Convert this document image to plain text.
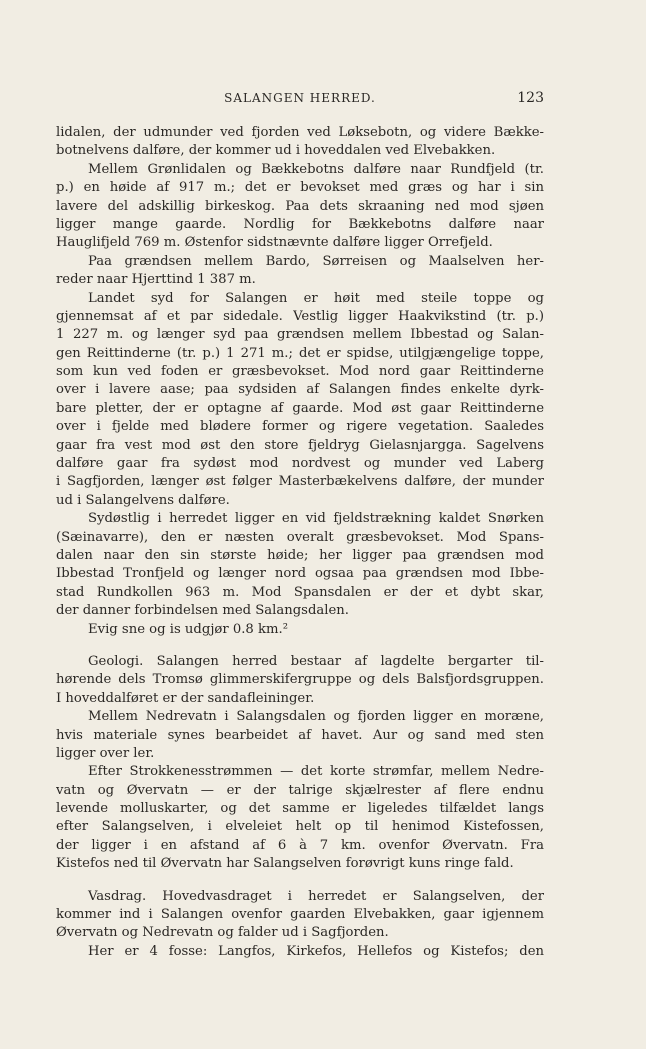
SALANGEN HERRED.	123
lidalen, der udmunder ved fjorden ved Løksebotn, og videre Bække-
botnelvens dalføre, der kommer ud i hoveddalen ved Elvebakken.
Mellem Grønlidalen og Bækkebotns dalføre naar Rundfjeld (tr.
p.) en høide af 917 m.; det er bevokset med græs og har i sin
lavere del adskillig birkeskog. Paa dets skraaning ned mod sjøen
ligger mange gaarde. Nordlig for Bækkebotns dalføre naar
Hauglifjeld 769 m. Østenfor sidstnævnte dalføre ligger Orrefjeld.
Paa grændsen mellem Bardo, Sørreisen og Maalselven her-
reder naar Hjerttind 1 387 m.
Landet syd for Salangen er høit med steile toppe og
gjennemsat af et par sidedale. Vestlig ligger Haakvikstind (tr. p.)
1 227 m. og længer syd paa grændsen mellem Ibbestad og Salan-
gen Reittinderne (tr. p.) 1 271 m.; det er spidse, utilgjængelige toppe,
som kun ved foden er græsbevokset. Mod nord gaar Reittinderne
over i lavere aase; paa sydsiden af Salangen findes enkelte dyrk-
bare pletter, der er optagne af gaarde. Mod øst gaar Reittinderne
over i fjelde med blødere former og rigere vegetation. Saaledes
gaar fra vest mod øst den store fjeldryg Gielasnjargga. Sagelvens
dalføre gaar fra sydøst mod nordvest og munder ved Laberg
i Sagfjorden, længer øst følger Masterbækelvens dalføre, der munder
ud i Salangelvens dalføre.
Sydøstlig i herredet ligger en vid fjeldstrækning kaldet Snørken
(Sæinavarre), den er næsten overalt græsbevokset. Mod Spans-
dalen naar den sin største høide; her ligger paa grændsen mod
Ibbestad Tronfjeld og længer nord ogsaa paa grændsen mod Ibbe-
stad Rundkollen 963 m. Mod Spansdalen er der et dybt skar,
der danner forbindelsen med Salangsdalen.
Evig sne og is udgjør 0.8 km.²
Geologi. Salangen herred bestaar af lagdelte bergarter til-
hørende dels Tromsø glimmerskifergruppe og dels Balsfjordsgruppen.
I hoveddalføret er der sandafleininger.
Mellem Nedrevatn i Salangsdalen og fjorden ligger en moræne,
hvis materiale synes bearbeidet af havet. Aur og sand med sten
ligger over ler.
Efter Strokkenesstrømmen — det korte strømfar, mellem Nedre-
vatn og Øvervatn — er der talrige skjælrester af flere endnu
levende molluskarter, og det samme er ligeledes tilfældet langs
efter Salangselven, i elveleiet helt op til henimod Kistefossen,
der ligger i en afstand af 6 à 7 km. ovenfor Øvervatn. Fra
Kistefos ned til Øvervatn har Salangselven forøvrigt kuns ringe fald.
Vasdrag. Hovedvasdraget i herredet er Salangselven, der
kommer ind i Salangen ovenfor gaarden Elvebakken, gaar igjennem
Øvervatn og Nedrevatn og falder ud i Sagfjorden.
Her er 4 fosse: Langfos, Kirkefos, Hellefos og Kistefos; den
